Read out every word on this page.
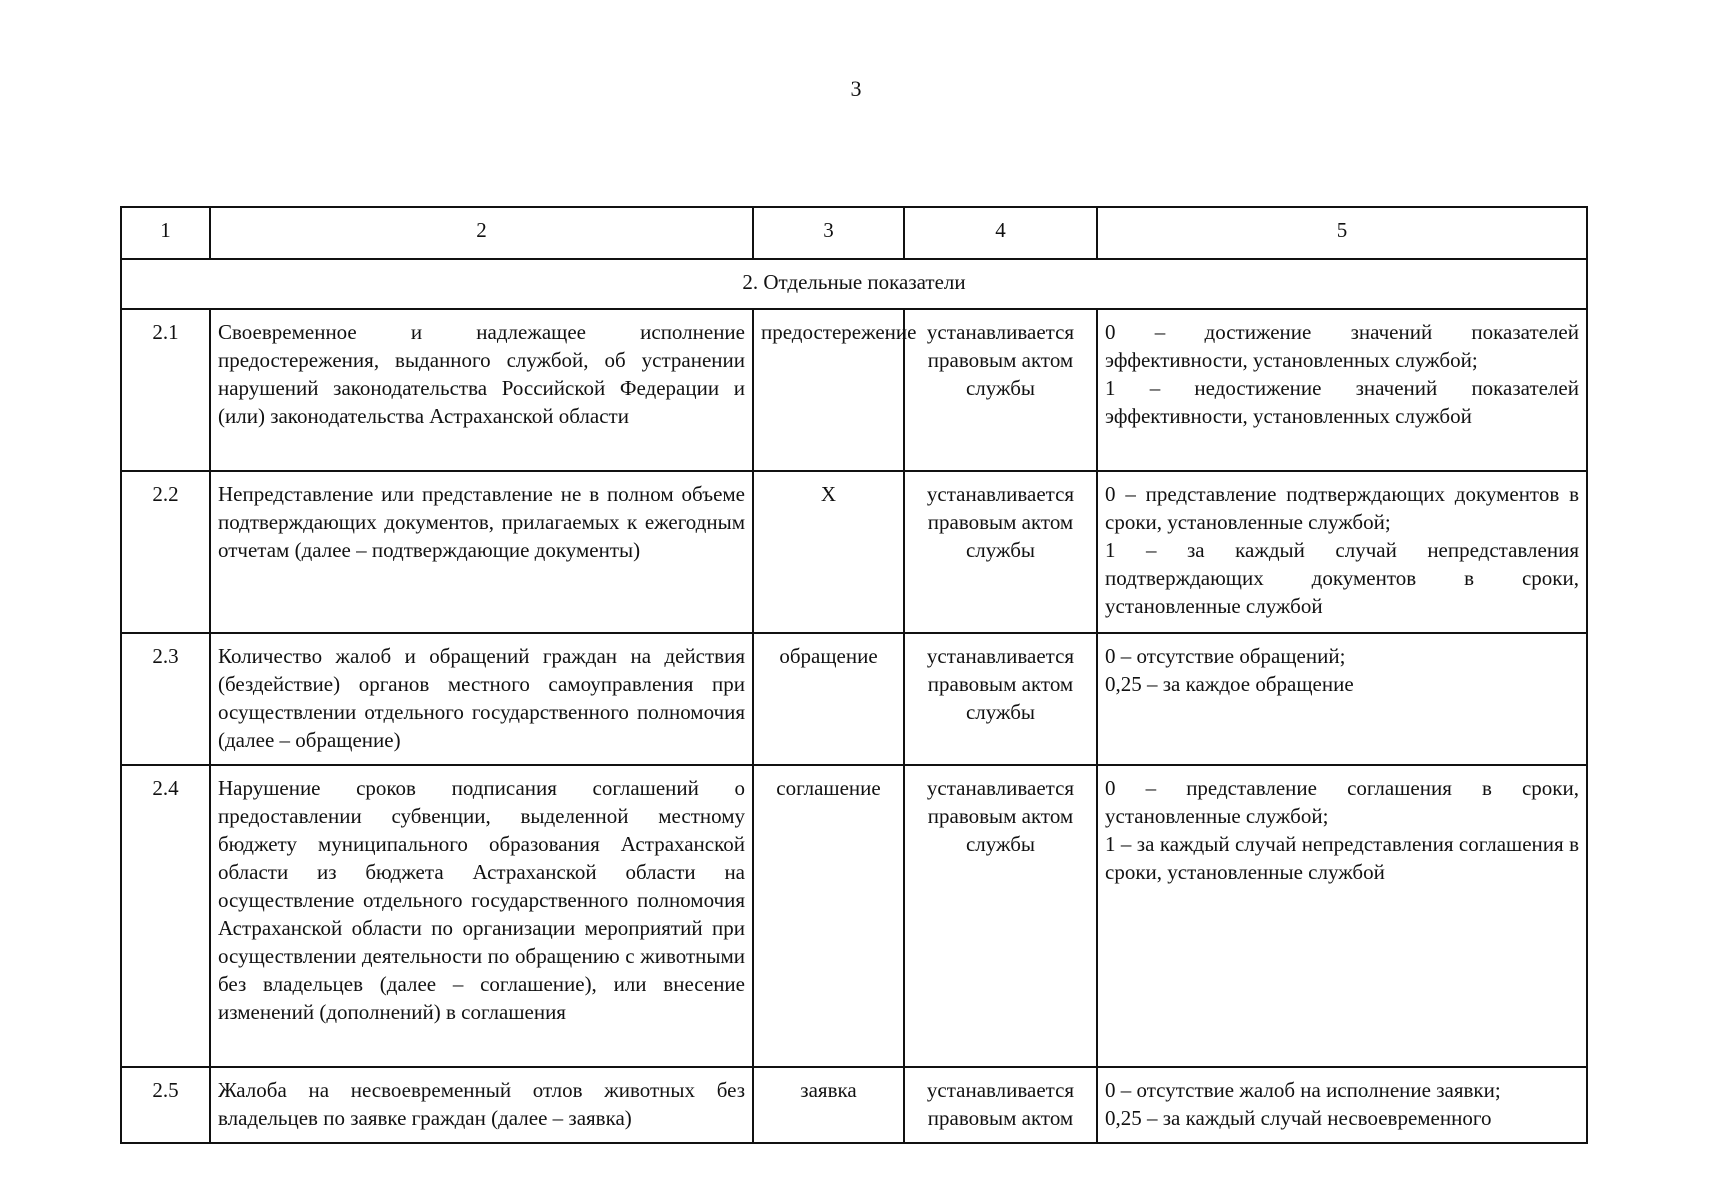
3
1	2	3	4	5
2. Отдельные показатели				
2.1	Своевременное и надлежащее исполнение предостережения, выданного службой, об устранении нарушений законодательства Российской Федерации и (или) законодательства Астраханской области	предостережение	устанавливается правовым актом службы	0 – достижение значений показателей эффективности, установленных службой;
1 – недостижение значений показателей эффективности, установленных службой

2.2	Непредставление или представление не в полном объеме подтверждающих документов, прилагаемых к ежегодным отчетам (далее – подтверждающие документы)	Х	устанавливается правовым актом службы	0 – представление подтверждающих документов в сроки, установленные службой;
1 – за каждый случай непредставления подтверждающих документов в сроки, установленные службой

2.3	Количество жалоб и обращений граждан на действия (бездействие) органов местного самоуправления при осуществлении отдельного государственного полномочия (далее – обращение)	обращение	устанавливается правовым актом службы	0 – отсутствие обращений;
0,25 – за каждое обращение

2.4	Нарушение сроков подписания соглашений о предоставлении субвенции, выделенной местному бюджету муниципального образования Астраханской области из бюджета Астраханской области на осуществление отдельного государственного полномочия Астраханской области по организации мероприятий при осуществлении деятельности по обращению с животными без владельцев (далее – соглашение), или внесение изменений (дополнений) в соглашения	соглашение	устанавливается правовым актом службы	0 – представление соглашения в сроки, установленные службой;
1 – за каждый случай непредставления соглашения в сроки, установленные службой

2.5	Жалоба на несвоевременный отлов животных без владельцев по заявке граждан (далее – заявка)	заявка	устанавливается правовым актом	0 – отсутствие жалоб на исполнение заявки;
0,25 – за каждый случай несвоевременного
